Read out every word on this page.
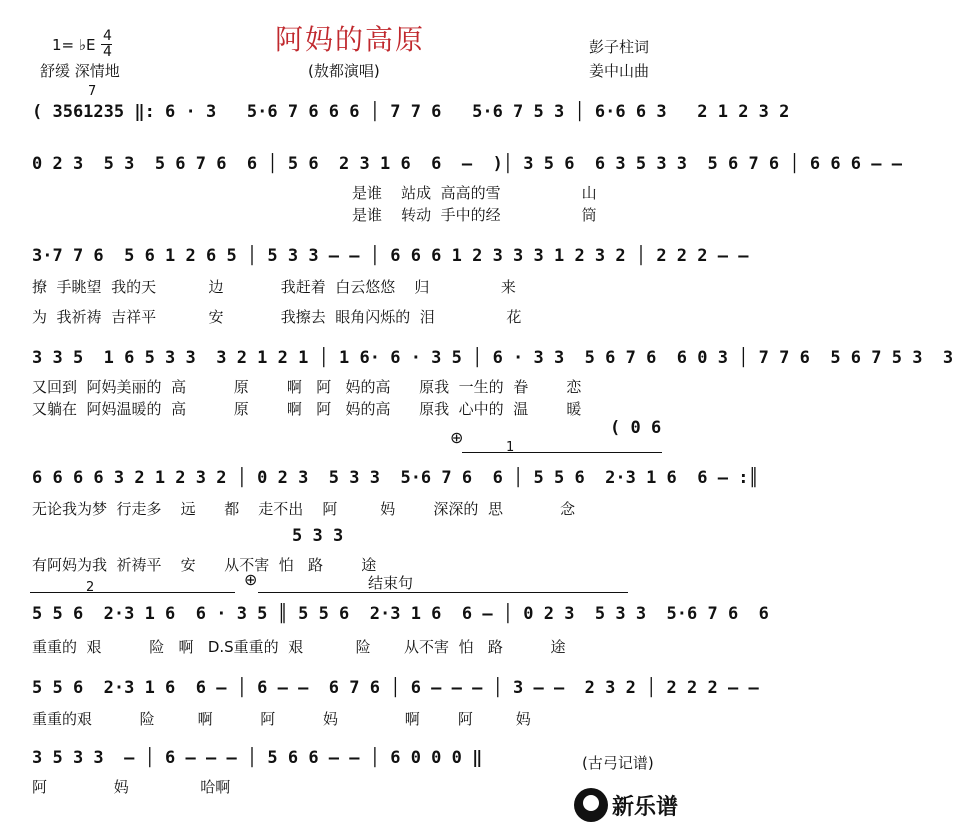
阿妈的高原
1= ♭E 4
4
舒缓 深情地	(敖都演唱)
彭子柱词
姜中山曲
7
( 3561235 ‖: 6 · 3   5·6 7 6 6 6 │ 7 7 6   5·6 7 5 3 │ 6·6 6 3   2 1 2 3 2
0 2 3  5 3  5 6 7 6  6 │ 5 6  2 3 1 6  6  –  )│ 3 5 6  6 3 5 3 3  5 6 7 6 │ 6 6 6 – –
是谁    站成  高高的雪                 山
是谁    转动  手中的经                 筒
3·7 7 6  5 6 1 2 6 5 │ 5 3 3 – – │ 6 6 6 1 2 3 3 3 1 2 3 2 │ 2 2 2 – –
撩  手眺望  我的天           边            我赶着  白云悠悠    归               来
为  我祈祷  吉祥平           安            我擦去  眼角闪烁的  泪               花
3 3 5  1 6 5 3 3  3 2 1 2 1 │ 1 6· 6 · 3 5 │ 6 · 3 3  5 6 7 6  6 0 3 │ 7 7 6  5 6 7 5 3  3
又回到  阿妈美丽的  高          原        啊   阿   妈的高      原我  一生的  眷        恋
又躺在  阿妈温暖的  高          原        啊   阿   妈的高      原我  心中的  温        暖
( 0 6
⊕
1
6 6 6 6 3 2 1 2 3 2 │ 0 2 3  5 3 3  5·6 7 6  6 │ 5 5 6  2·3 1 6  6 – :║
无论我为梦  行走多    远      都    走不出    阿         妈        深深的  思            念
5 3 3
有阿妈为我  祈祷平    安      从不害  怕   路        途
2	⊕	结束句
5 5 6  2·3 1 6  6 · 3 5 ║ 5 5 6  2·3 1 6  6 – │ 0 2 3  5 3 3  5·6 7 6  6
重重的  艰          险   啊   D.S重重的  艰           险       从不害  怕   路          途
5 5 6  2·3 1 6  6 – │ 6 – –  6 7 6 │ 6 – – – │ 3 – –  2 3 2 │ 2 2 2 – –
重重的艰          险         啊          阿          妈              啊        阿         妈
3 5 3 3  – │ 6 – – – │ 5 6 6 – – │ 6 0 0 0 ‖
阿              妈               哈啊
(古弓记谱)
新乐谱
